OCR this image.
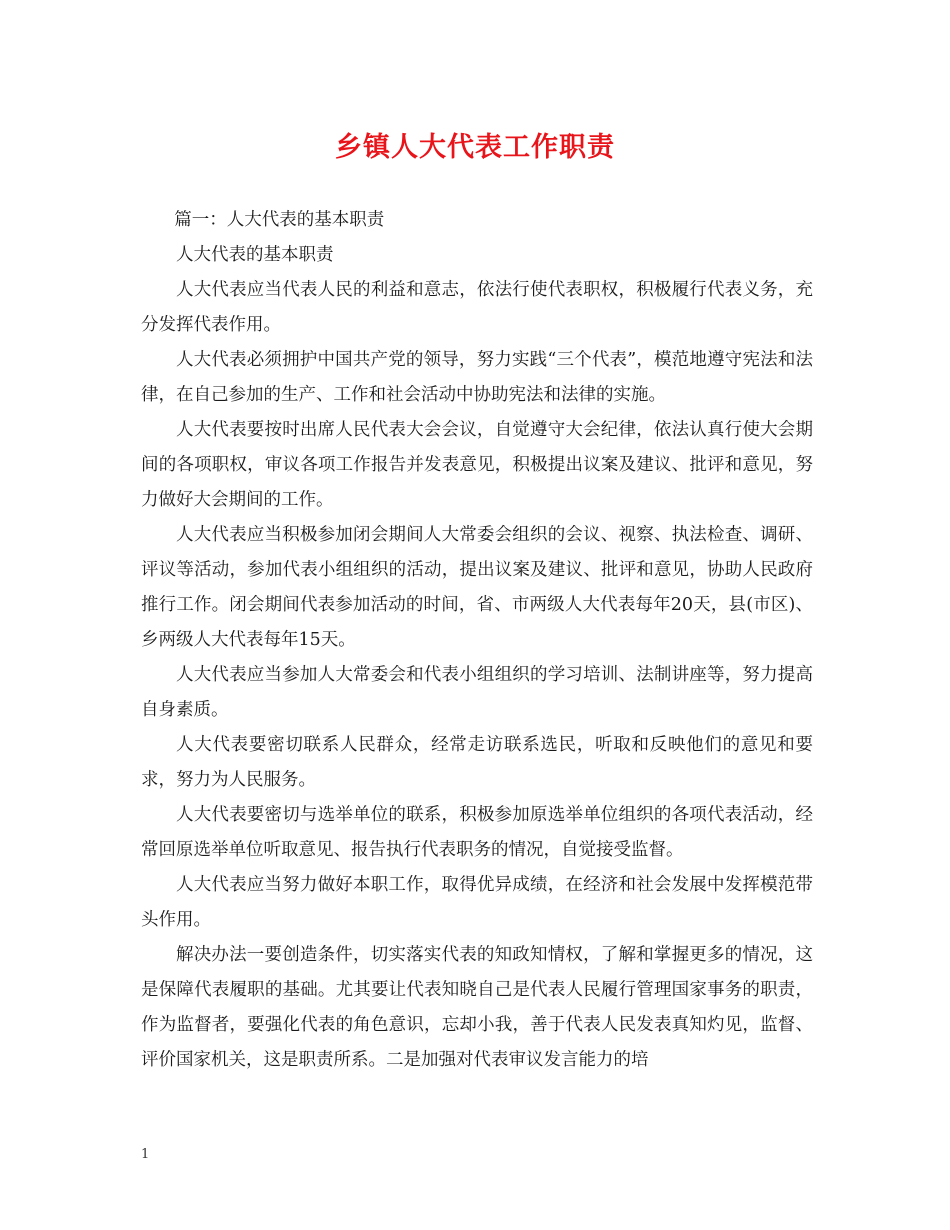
乡镇人大代表工作职责

篇一：人大代表的基本职责

人大代表的基本职责

人大代表应当代表人民的利益和意志，依法行使代表职权，积极履行代表义务，充分发挥代表作用。

人大代表必须拥护中国共产党的领导，努力实践“三个代表”，模范地遵守宪法和法律，在自己参加的生产、工作和社会活动中协助宪法和法律的实施。

人大代表要按时出席人民代表大会会议，自觉遵守大会纪律，依法认真行使大会期间的各项职权，审议各项工作报告并发表意见，积极提出议案及建议、批评和意见，努力做好大会期间的工作。

人大代表应当积极参加闭会期间人大常委会组织的会议、视察、执法检查、调研、评议等活动，参加代表小组组织的活动，提出议案及建议、批评和意见，协助人民政府推行工作。闭会期间代表参加活动的时间，省、市两级人大代表每年20天，县(市区)、乡两级人大代表每年15天。

人大代表应当参加人大常委会和代表小组组织的学习培训、法制讲座等，努力提高自身素质。

人大代表要密切联系人民群众，经常走访联系选民，听取和反映他们的意见和要求，努力为人民服务。

人大代表要密切与选举单位的联系，积极参加原选举单位组织的各项代表活动，经常回原选举单位听取意见、报告执行代表职务的情况，自觉接受监督。

人大代表应当努力做好本职工作，取得优异成绩，在经济和社会发展中发挥模范带头作用。

解决办法一要创造条件，切实落实代表的知政知情权，了解和掌握更多的情况，这是保障代表履职的基础。尤其要让代表知晓自己是代表人民履行管理国家事务的职责，作为监督者，要强化代表的角色意识，忘却小我，善于代表人民发表真知灼见，监督、评价国家机关，这是职责所系。二是加强对代表审议发言能力的培

1
